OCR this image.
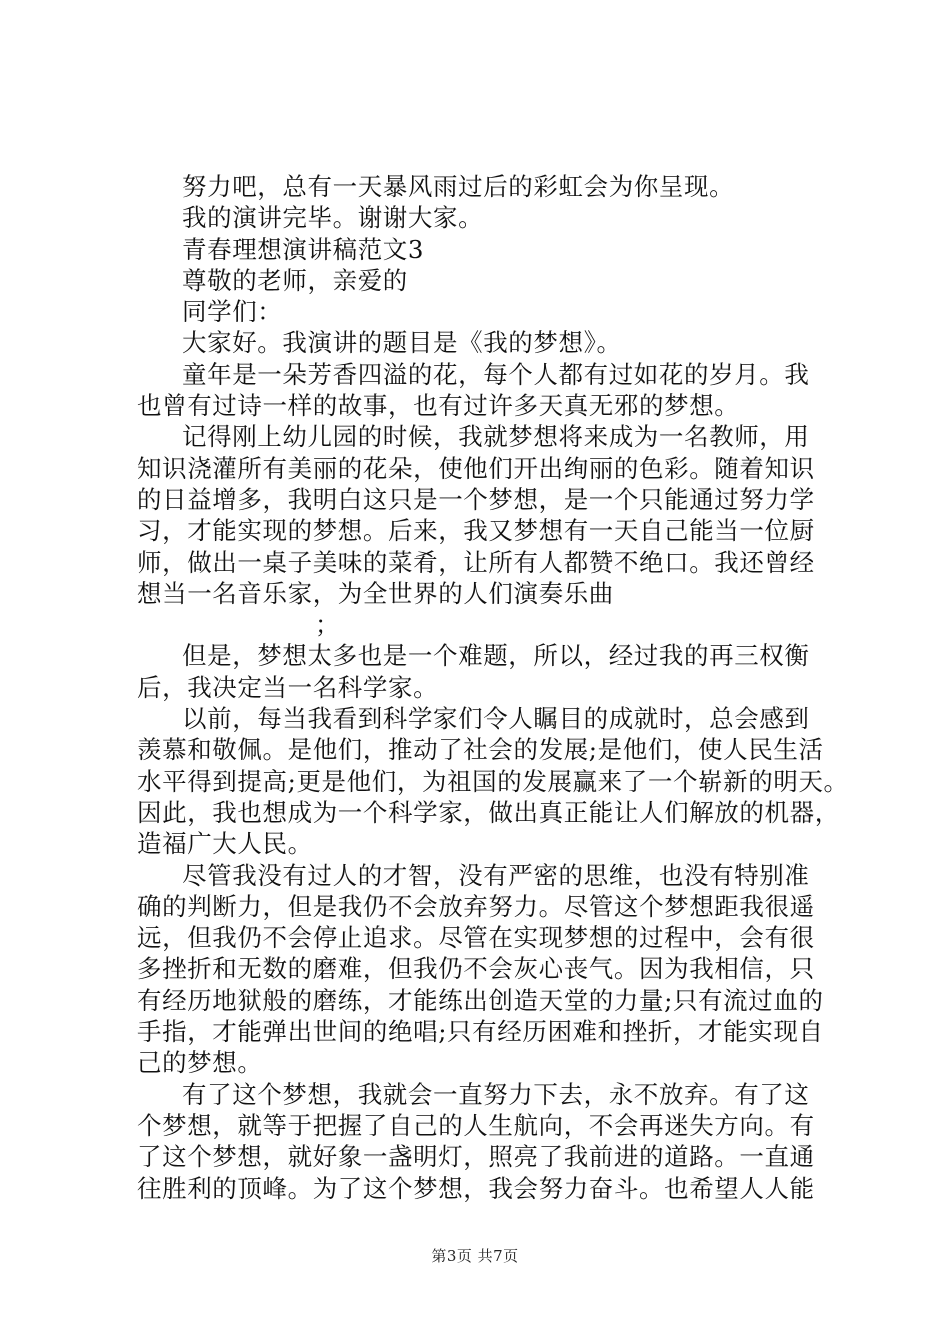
努力吧，总有一天暴风雨过后的彩虹会为你呈现。
我的演讲完毕。谢谢大家。
青春理想演讲稿范文3
尊敬的老师，亲爱的
同学们：
大家好。我演讲的题目是《我的梦想》。
童年是一朵芳香四溢的花，每个人都有过如花的岁月。我
也曾有过诗一样的故事，也有过许多天真无邪的梦想。
记得刚上幼儿园的时候，我就梦想将来成为一名教师，用
知识浇灌所有美丽的花朵，使他们开出绚丽的色彩。随着知识
的日益增多，我明白这只是一个梦想，是一个只能通过努力学
习，才能实现的梦想。后来，我又梦想有一天自己能当一位厨
师，做出一桌子美味的菜肴，让所有人都赞不绝口。我还曾经
想当一名音乐家，为全世界的人们演奏乐曲
；
但是，梦想太多也是一个难题，所以，经过我的再三权衡
后，我决定当一名科学家。
以前，每当我看到科学家们令人瞩目的成就时，总会感到
羡慕和敬佩。是他们，推动了社会的发展;是他们，使人民生活
水平得到提高;更是他们，为祖国的发展赢来了一个崭新的明天。
因此，我也想成为一个科学家，做出真正能让人们解放的机器，
造福广大人民。
尽管我没有过人的才智，没有严密的思维，也没有特别准
确的判断力，但是我仍不会放弃努力。尽管这个梦想距我很遥
远，但我仍不会停止追求。尽管在实现梦想的过程中，会有很
多挫折和无数的磨难，但我仍不会灰心丧气。因为我相信，只
有经历地狱般的磨练，才能练出创造天堂的力量;只有流过血的
手指，才能弹出世间的绝唱;只有经历困难和挫折，才能实现自
己的梦想。
有了这个梦想，我就会一直努力下去，永不放弃。有了这
个梦想，就等于把握了自己的人生航向，不会再迷失方向。有
了这个梦想，就好象一盏明灯，照亮了我前进的道路。一直通
往胜利的顶峰。为了这个梦想，我会努力奋斗。也希望人人能
第3页 共7页
